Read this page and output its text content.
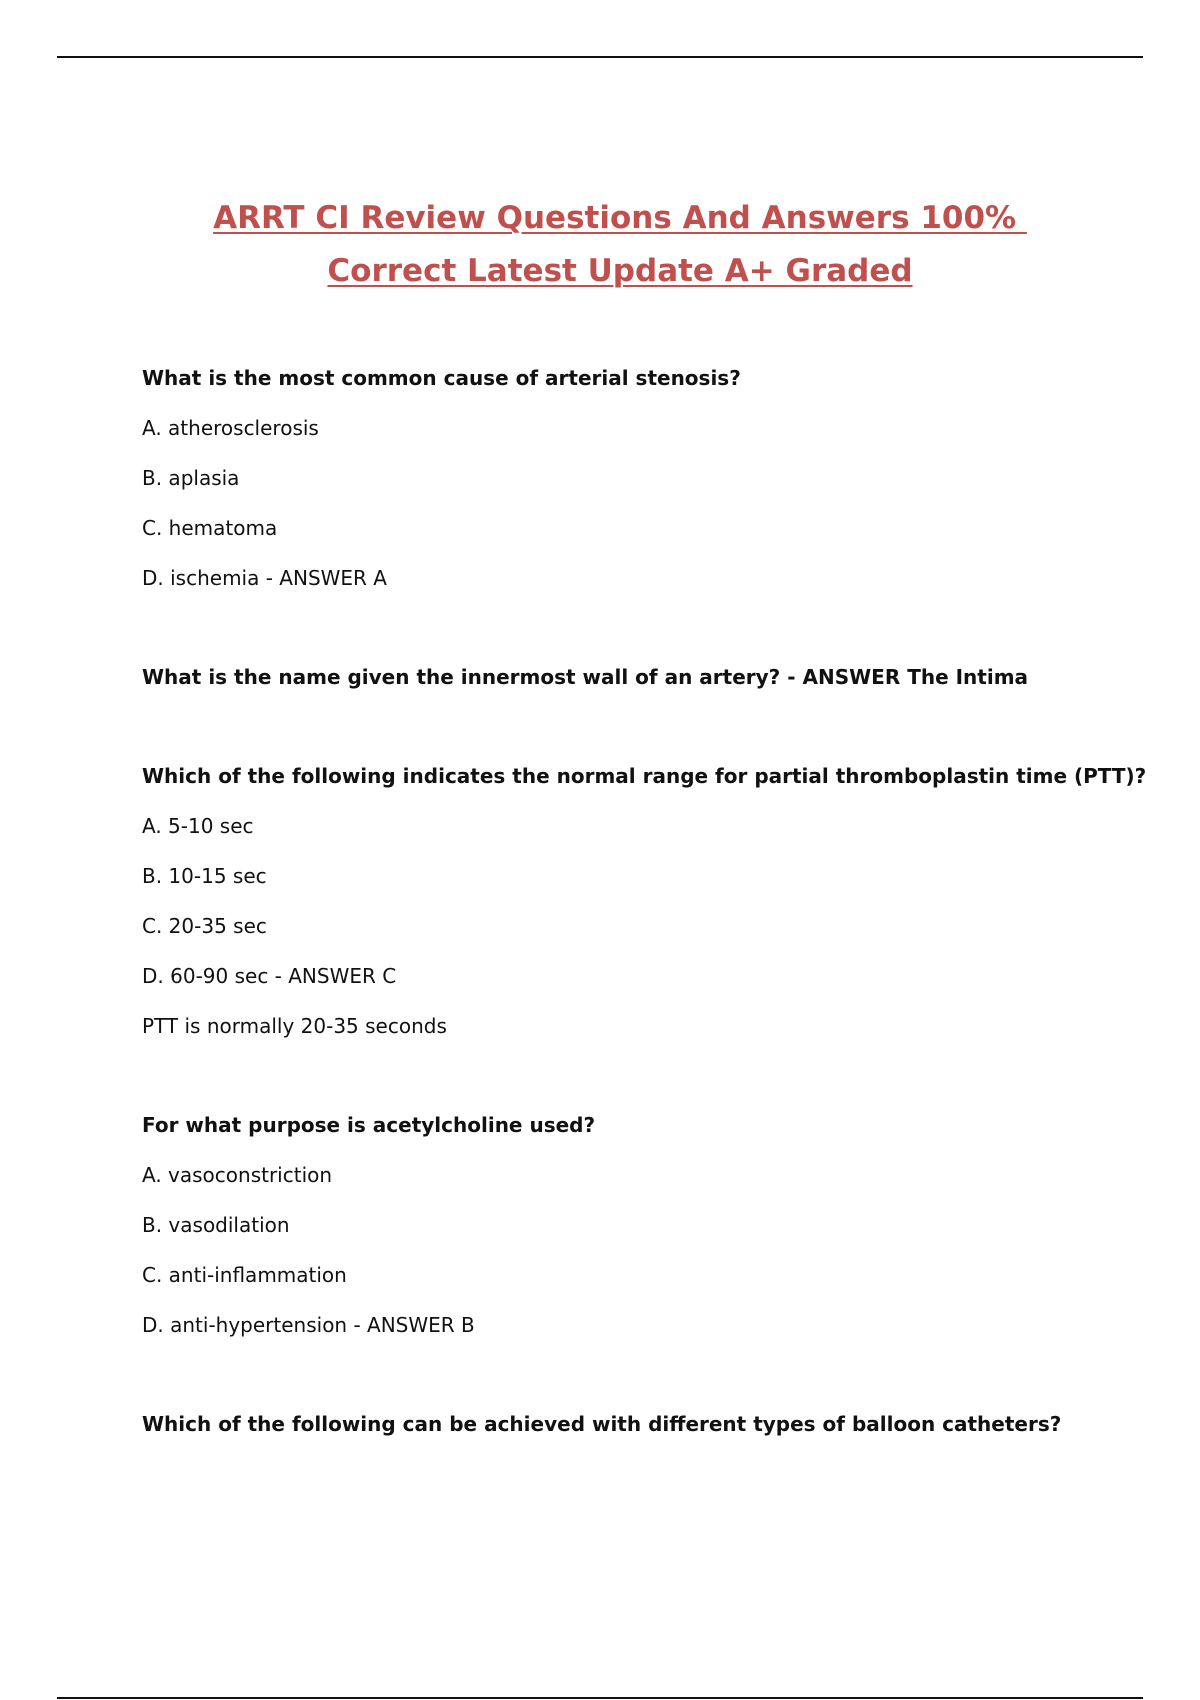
ARRT CI Review Questions And Answers 100%
Correct Latest Update A+ Graded
What is the most common cause of arterial stenosis?
A. atherosclerosis
B. aplasia
C. hematoma
D. ischemia - ANSWER A
What is the name given the innermost wall of an artery? - ANSWER The Intima
Which of the following indicates the normal range for partial thromboplastin time (PTT)?
A. 5-10 sec
B. 10-15 sec
C. 20-35 sec
D. 60-90 sec - ANSWER C
PTT is normally 20-35 seconds
For what purpose is acetylcholine used?
A. vasoconstriction
B. vasodilation
C. anti-inflammation
D. anti-hypertension - ANSWER B
Which of the following can be achieved with different types of balloon catheters?
